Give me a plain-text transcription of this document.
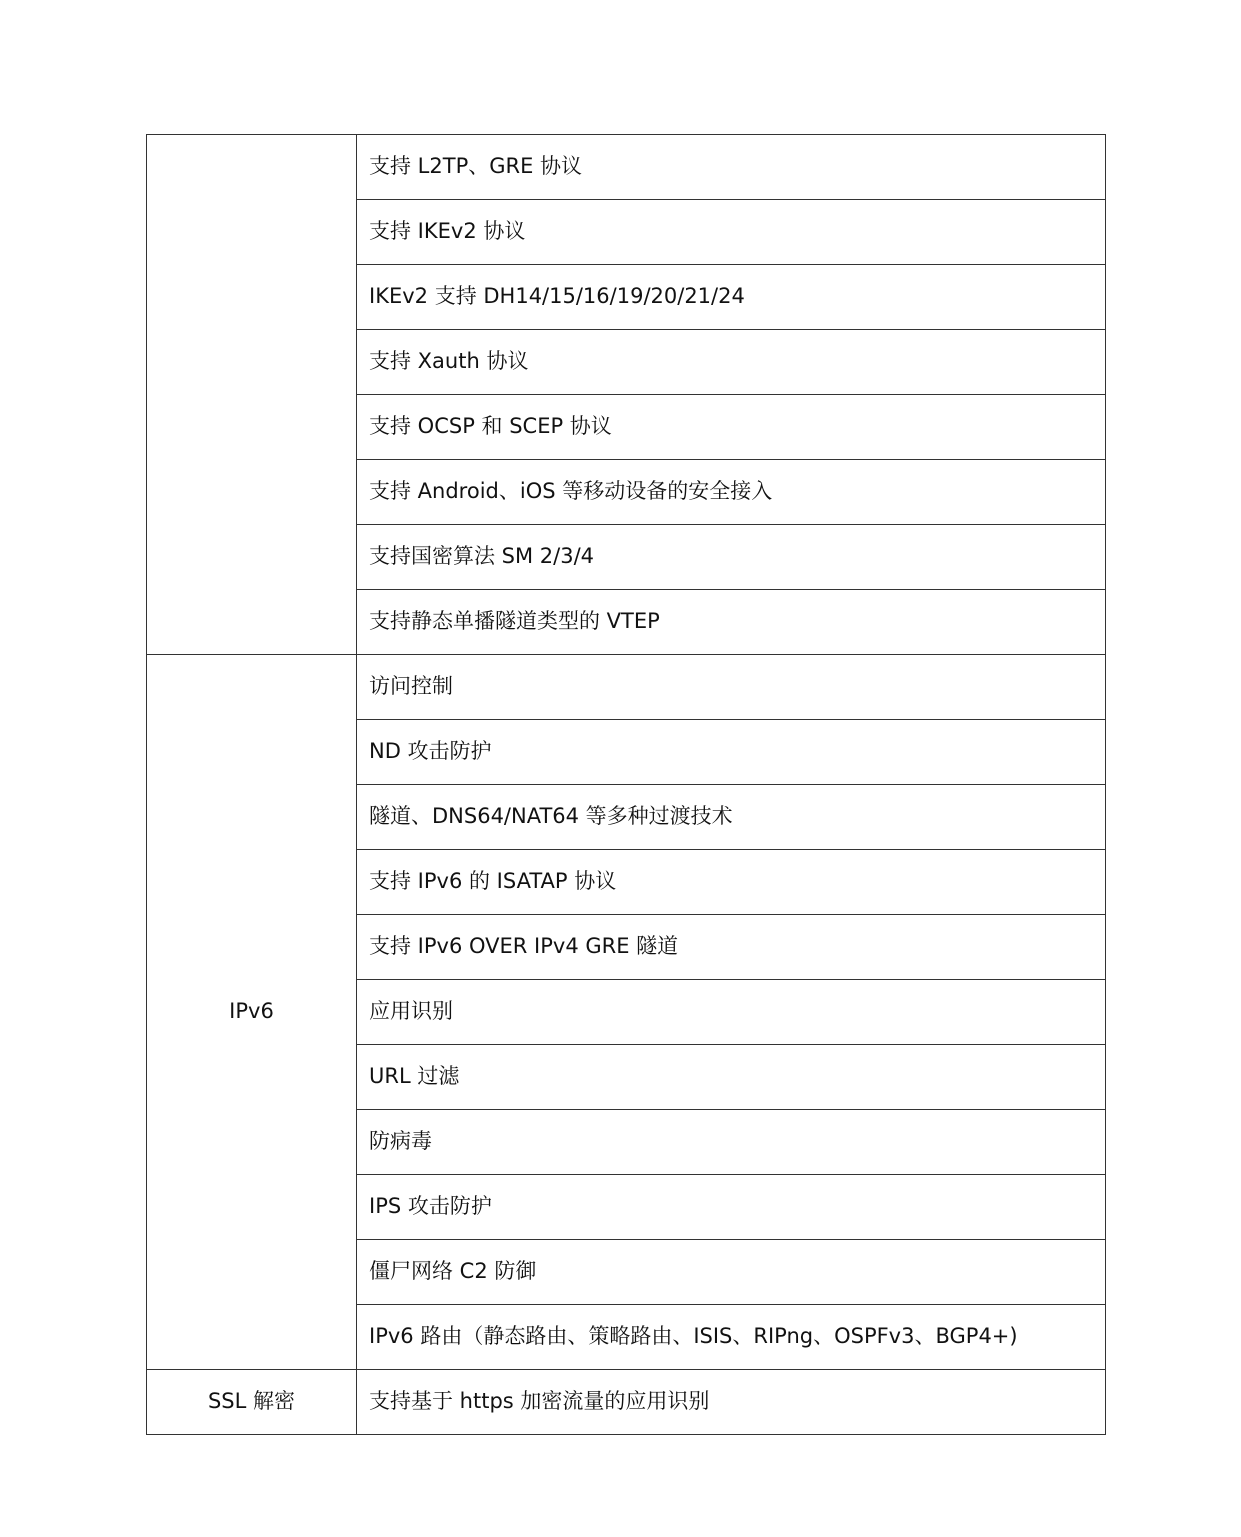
	支持 L2TP、GRE 协议
	支持 IKEv2 协议
	IKEv2 支持 DH14/15/16/19/20/21/24
	支持 Xauth 协议
	支持 OCSP 和 SCEP 协议
	支持 Android、iOS 等移动设备的安全接入
	支持国密算法 SM 2/3/4
	支持静态单播隧道类型的 VTEP
IPv6	访问控制
	ND 攻击防护
	隧道、DNS64/NAT64 等多种过渡技术
	支持 IPv6 的 ISATAP 协议
	支持 IPv6 OVER IPv4 GRE 隧道
	应用识别
	URL 过滤
	防病毒
	IPS 攻击防护
	僵尸网络 C2 防御
	IPv6 路由（静态路由、策略路由、ISIS、RIPng、OSPFv3、BGP4+)
SSL 解密	支持基于 https 加密流量的应用识别
